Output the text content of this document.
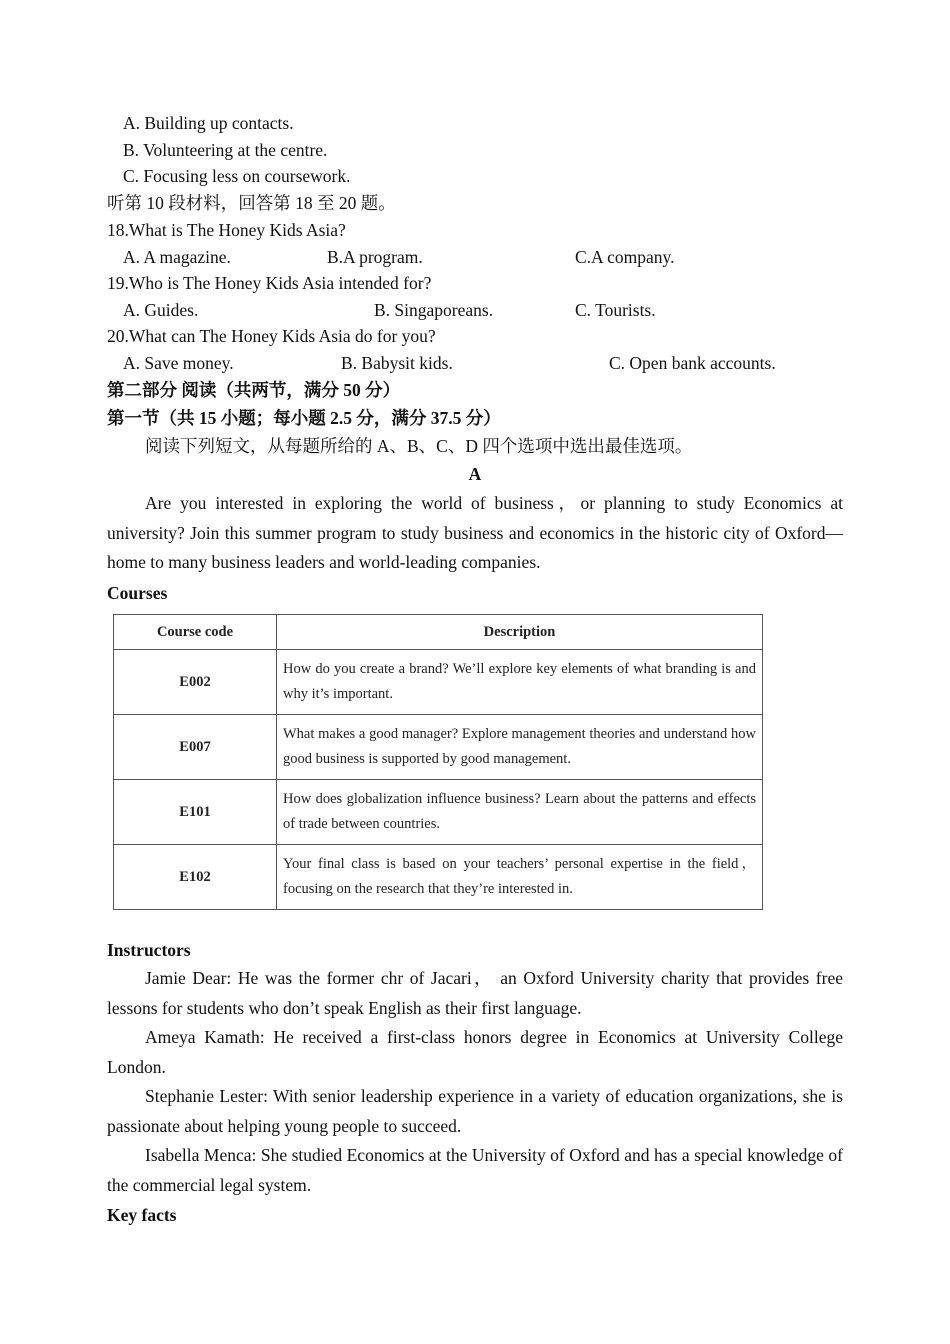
A. Building up contacts.
B. Volunteering at the centre.
C. Focusing less on coursework.
听第 10 段材料，回答第 18 至 20 题。
18.What is The Honey Kids Asia?
A. A magazine.	B.A program.	C.A company.
19.Who is The Honey Kids Asia intended for?
A. Guides.	B. Singaporeans.	C. Tourists.
20.What can The Honey Kids Asia do for you?
A. Save money.	B. Babysit kids.	C. Open bank accounts.
第二部分 阅读（共两节，满分 50 分）
第一节（共 15 小题；每小题 2.5 分，满分 37.5 分）
阅读下列短文，从每题所给的 A、B、C、D 四个选项中选出最佳选项。
A
Are you interested in exploring the world of business，or planning to study Economics at university? Join this summer program to study business and economics in the historic city of Oxford—home to many business leaders and world-leading companies.
Courses
Course code	Description
E002	How do you create a brand? We’ll explore key elements of what branding is and why it’s important.
E007	What makes a good manager? Explore management theories and understand how good business is supported by good management.
E101	How does globalization influence business? Learn about the patterns and effects of trade between countries.
E102	Your final class is based on your teachers’ personal expertise in the field，focusing on the research that they’re interested in.
Instructors
Jamie Dear: He was the former chr of Jacari， an Oxford University charity that provides free lessons for students who don’t speak English as their first language.
Ameya Kamath: He received a first-class honors degree in Economics at University College London.
Stephanie Lester: With senior leadership experience in a variety of education organizations, she is passionate about helping young people to succeed.
Isabella Menca: She studied Economics at the University of Oxford and has a special knowledge of the commercial legal system.
Key facts
